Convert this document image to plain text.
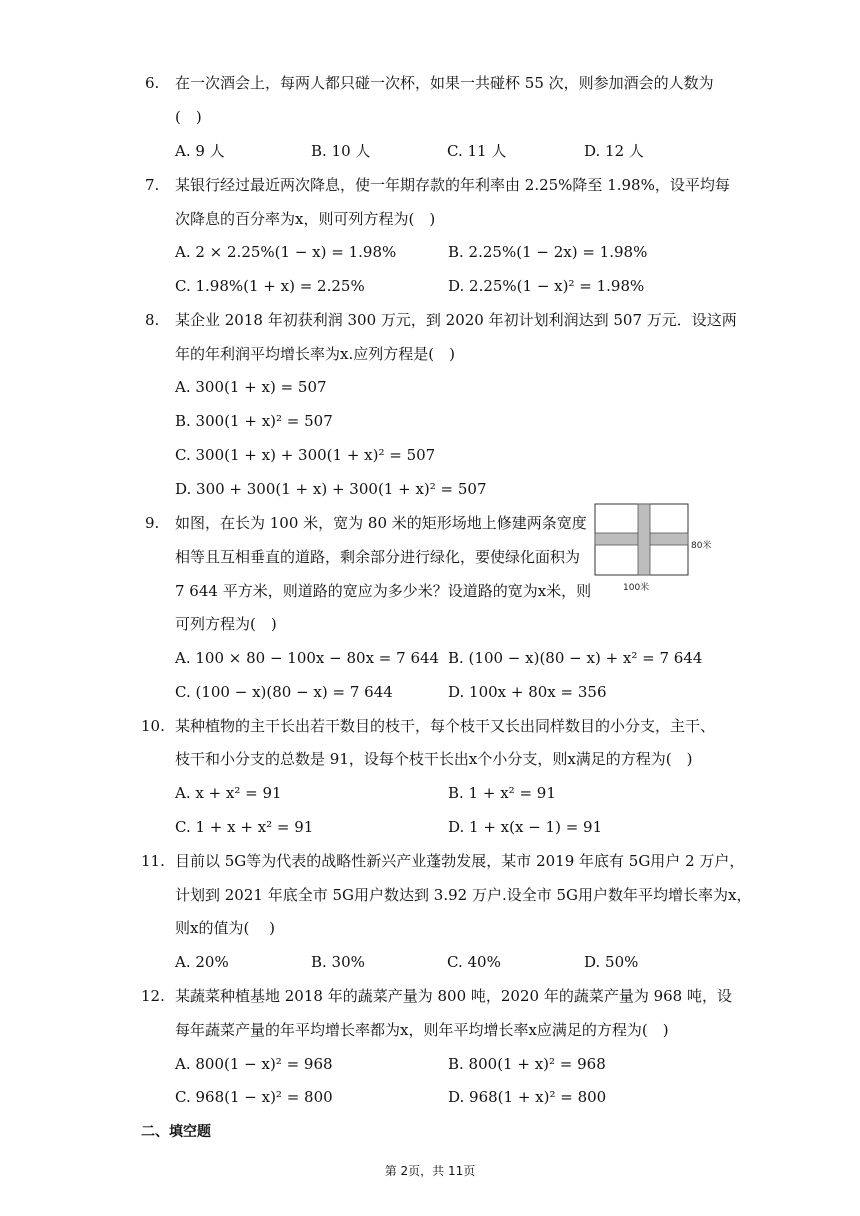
6. 在一次酒会上，每两人都只碰一次杯，如果一共碰杯 55 次，则参加酒会的人数为
(　)
A. 9 人	B. 10 人	C. 11 人	D. 12 人
7. 某银行经过最近两次降息，使一年期存款的年利率由 2.25%降至 1.98%，设平均每
次降息的百分率为x，则可列方程为(　)
A. 2 × 2.25%(1 − x) = 1.98%	B. 2.25%(1 − 2x) = 1.98%
C. 1.98%(1 + x) = 2.25%	D. 2.25%(1 − x)² = 1.98%
8. 某企业 2018 年初获利润 300 万元，到 2020 年初计划利润达到 507 万元．设这两
年的年利润平均增长率为x.应列方程是(　)
A. 300(1 + x) = 507
B. 300(1 + x)² = 507
C. 300(1 + x) + 300(1 + x)² = 507
D. 300 + 300(1 + x) + 300(1 + x)² = 507
9. 如图，在长为 100 米，宽为 80 米的矩形场地上修建两条宽度
相等且互相垂直的道路，剩余部分进行绿化，要使绿化面积为
7 644 平方米，则道路的宽应为多少米？设道路的宽为x米，则
可列方程为(　)
80米
100米
A. 100 × 80 − 100x − 80x = 7 644 B. (100 − x)(80 − x) + x² = 7 644
C. (100 − x)(80 − x) = 7 644	D. 100x + 80x = 356
10. 某种植物的主干长出若干数目的枝干，每个枝干又长出同样数目的小分支，主干、
枝干和小分支的总数是 91，设每个枝干长出x个小分支，则x满足的方程为(　)
A. x + x² = 91	B. 1 + x² = 91
C. 1 + x + x² = 91	D. 1 + x(x − 1) = 91
11. 目前以 5G等为代表的战略性新兴产业蓬勃发展，某市 2019 年底有 5G用户 2 万户，
计划到 2021 年底全市 5G用户数达到 3.92 万户.设全市 5G用户数年平均增长率为x，
则x的值为(　 )
A. 20%	B. 30%	C. 40%	D. 50%
12. 某蔬菜种植基地 2018 年的蔬菜产量为 800 吨，2020 年的蔬菜产量为 968 吨，设
每年蔬菜产量的年平均增长率都为x，则年平均增长率x应满足的方程为(　)
A. 800(1 − x)² = 968	B. 800(1 + x)² = 968
C. 968(1 − x)² = 800	D. 968(1 + x)² = 800
二、填空题
第 2页，共 11页
